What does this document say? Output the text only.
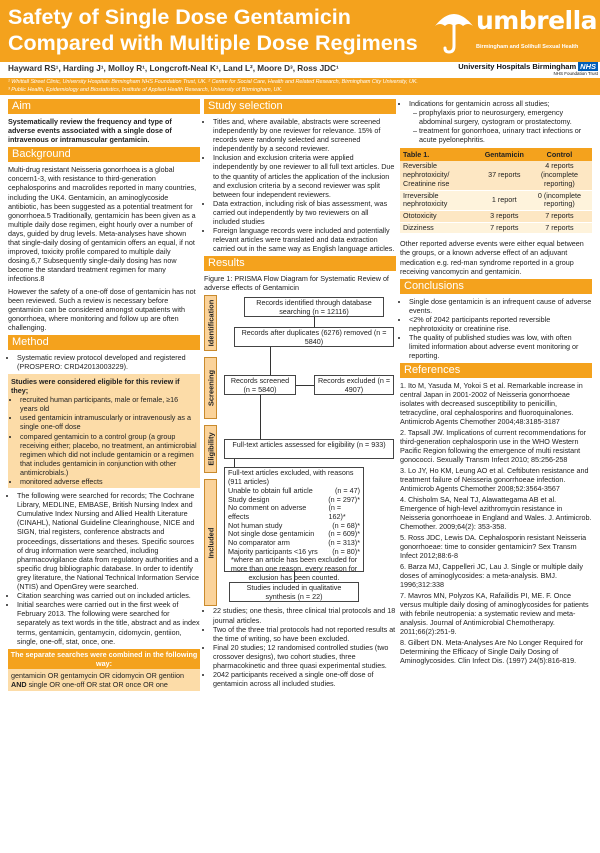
Safety of Single Dose Gentamicin
Compared with Multiple Dose Regimens
umbrella
Birmingham and Solihull Sexual Health
Hayward RS¹, Harding J¹, Molloy R¹, Longcroft-Neal K¹, Land L², Moore D³, Ross JDC¹	University Hospitals Birmingham NHS
NHS Foundation Trust
¹ Whittall Street Clinic, University Hospitals Birmingham NHS Foundation Trust, UK. ² Centre for Social Care, Health and Related Research, Birmingham City University, UK.
³ Public Health, Epidemiology and Biostatistics, Institute of Applied Health Research, University of Birmingham, UK.
Aim

Systematically review the frequency and type of adverse events associated with a single dose of intravenous or intramuscular gentamicin.

Background

Multi-drug resistant Neisseria gonorrhoea is a global concern1-3, with resistance to third-generation cephalosporins and macrolides reported in many countries, including the UK4. Gentamicin, an aminoglycoside antibiotic, has been suggested as a potential treatment for gonorrhoea.5 Traditionally, gentamicin has been given as a multiple daily dose regimen, eight hourly over a number of days, guided by drug levels. Meta-analyses have shown that single-daily dosing of gentamicin offers an equal, if not improved, toxicity profile compared to multiple daily dosing.6,7 Subsequently single-daily dosing has now become the standard treatment regimen for many infections.8

However the safety of a one-off dose of gentamicin has not been reviewed. Such a review is necessary before gentamicin can be considered amongst outpatients with gonorrhoea, where monitoring and follow up are often challenging.

Method
• Systematic review protocol developed and registered (PROSPERO: CRD42013003229).
Studies were considered eligible for this review if they;
• recruited human participants, male or female, ≥16 years old
• used gentamicin intramuscularly or intravenously as a single one-off dose
• compared gentamicin to a control group (a group receiving either; placebo, no treatment, an antimicrobial regimen which did not include gentamicin or a regimen that includes gentamicin in conjunction with other antimicrobials.)
• monitored adverse effects
• The following were searched for records; The Cochrane Library, MEDLINE, EMBASE, British Nursing Index and Cumulative Index Nursing and Allied Health Literature (CINAHL), National Guideline Clearinghouse, NICE and SIGN, trial registers, conference abstracts and proceedings, dissertations and theses. Specific sources of drug information were searched, including pharmacovigilance data from regulatory authorities and a specific drug bibliographic database. In order to identify grey literature, the National Technical Information Service (NTIS) and OpenGrey were searched.
• Citation searching was carried out on included articles.
• Initial searches were carried out in the first week of February 2013. The following were searched for separately as text words in the title, abstract and as index terms, gentamicin, gentamycin, cidomycin, gentiion, single, one-off, stat, once, one.
The separate searches were combined in the following way:

gentamicin OR gentamycin OR cidomycin OR gentiion
AND single OR one-off OR stat OR once OR one

Study selection
• Titles and, where available, abstracts were screened independently by one reviewer for relevance. 15% of records were randomly selected and screened independently by a second reviewer.
• Inclusion and exclusion criteria were applied independently by one reviewer to all full text articles. Due to the quantity of articles the application of the inclusion and exclusion criteria by a second reviewer was split between four independent reviewers.
• Data extraction, including risk of bias assessment, was carried out independently by two reviewers on all included studies
• Foreign language records were included and potentially relevant articles were translated and data extraction carried out in the same way as English language articles.
Results
Figure 1: PRISMA Flow Diagram for Systematic Review of adverse effects of Gentamicin
Identification
Screening
Eligibility
Included
Records identified through database searching (n = 12116)
Records after duplicates (6276) removed (n = 5840)
Records screened (n = 5840)
Records excluded (n = 4907)
Full-text articles assessed for eligibility (n = 933)
Full-text articles excluded, with reasons (911 articles)
Unable to obtain full article	(n = 47)
Study design	(n = 297)*
No comment on adverse effects
(n = 162)*
Not human study	(n = 68)*
Not single dose gentamicin (n = 609)*
No comparator arm	(n = 313)*
Majority participants <16 yrs (n = 80)*
*where an article has been excluded for more than one reason, every reason for exclusion has been counted.
Studies included in qualitative synthesis (n = 22)
• 22 studies; one thesis, three clinical trial protocols and 18 journal articles.
• Two of the three trial protocols had not reported results at the time of writing, so have been excluded.
• Final 20 studies; 12 randomised controlled studies (two crossover designs), two cohort studies, three pharmacokinetic and three quasi experimental studies.
• 2042 participants received a single one-off dose of gentamicin across all included studies.
• Indications for gentamicin across all studies;
– prophylaxis prior to neurosurgery, emergency abdominal surgery, cystogram or prostatectomy.
– treatment for gonorrhoea, urinary tract infections or acute pyelonephritis.
Table 1.	Gentamicin	Control
Reversible nephrotoxicity/ Creatinine rise	37 reports	4 reports (incomplete reporting)
Irreversible nephrotoxicity	1 report	0 (incomplete reporting)
Ototoxicity	3 reports	7 reports
Dizziness	7 reports	7 reports

Other reported adverse events were either equal between the groups, or a known adverse effect of an adjuvant medication e.g. red-man syndrome reported in a group receiving vancomycin and gentamicin.

Conclusions
• Single dose gentamicin is an infrequent cause of adverse events.
• <2% of 2042 participants reported reversible nephrotoxicity or creatinine rise.
• The quality of published studies was low, with often limited information about adverse event monitoring or reporting.
References
1. Ito M, Yasuda M, Yokoi S et al. Remarkable increase in central Japan in 2001-2002 of Neisseria gonorrhoeae isolates with decreased susceptibility to penicillin, tetracycline, oral cephalosporins and fluoroquinalones. Antimicrob Agents Chemother 2004;48:3185-3187
2. Tapsall JW. Implications of current recommendations for third-generation cephalosporin use in the WHO Western Pacific Region following the emergence of multi resistant gonococci. Sexually Transm Infect 2010; 85:256-258
3. Lo JY, Ho KM, Leung AO et al. Ceftibuten resistance and treatment failure of Neisseria gonorrhoeae infection. Antimicrob Agents Chemother 2008;52:3564-3567
4. Chisholm SA, Neal TJ, Alawattegama AB et al. Emergence of high-level azithromycin resistance in Neisseria gonorrhoeae in England and Wales. J. Antimicrob. Chemother. 2009;64(2): 353-358.
5. Ross JDC, Lewis DA. Cephalosporin resistant Neisseria gonorrhoeae: time to consider gentamicin? Sex Transm Infect 2012;88:6-8
6. Barza MJ, Cappelleri JC, Lau J. Single or multiple daily doses of aminoglycosides: a meta-analysis. BMJ. 1996;312:338
7. Mavros MN, Polyzos KA, Rafailidis PI, ME. F. Once versus multiple daily dosing of aminoglycosides for patients with febrile neutropenia: a systematic review and meta-analysis. Journal of Antimicrobial Chemotherapy. 2011;66(2):251-9.
8. Gilbert DN. Meta-Analyses Are No Longer Required for Determining the Efficacy of Single Daily Dosing of Aminoglycosides. Clin Infect Dis. (1997) 24(5):816-819.
